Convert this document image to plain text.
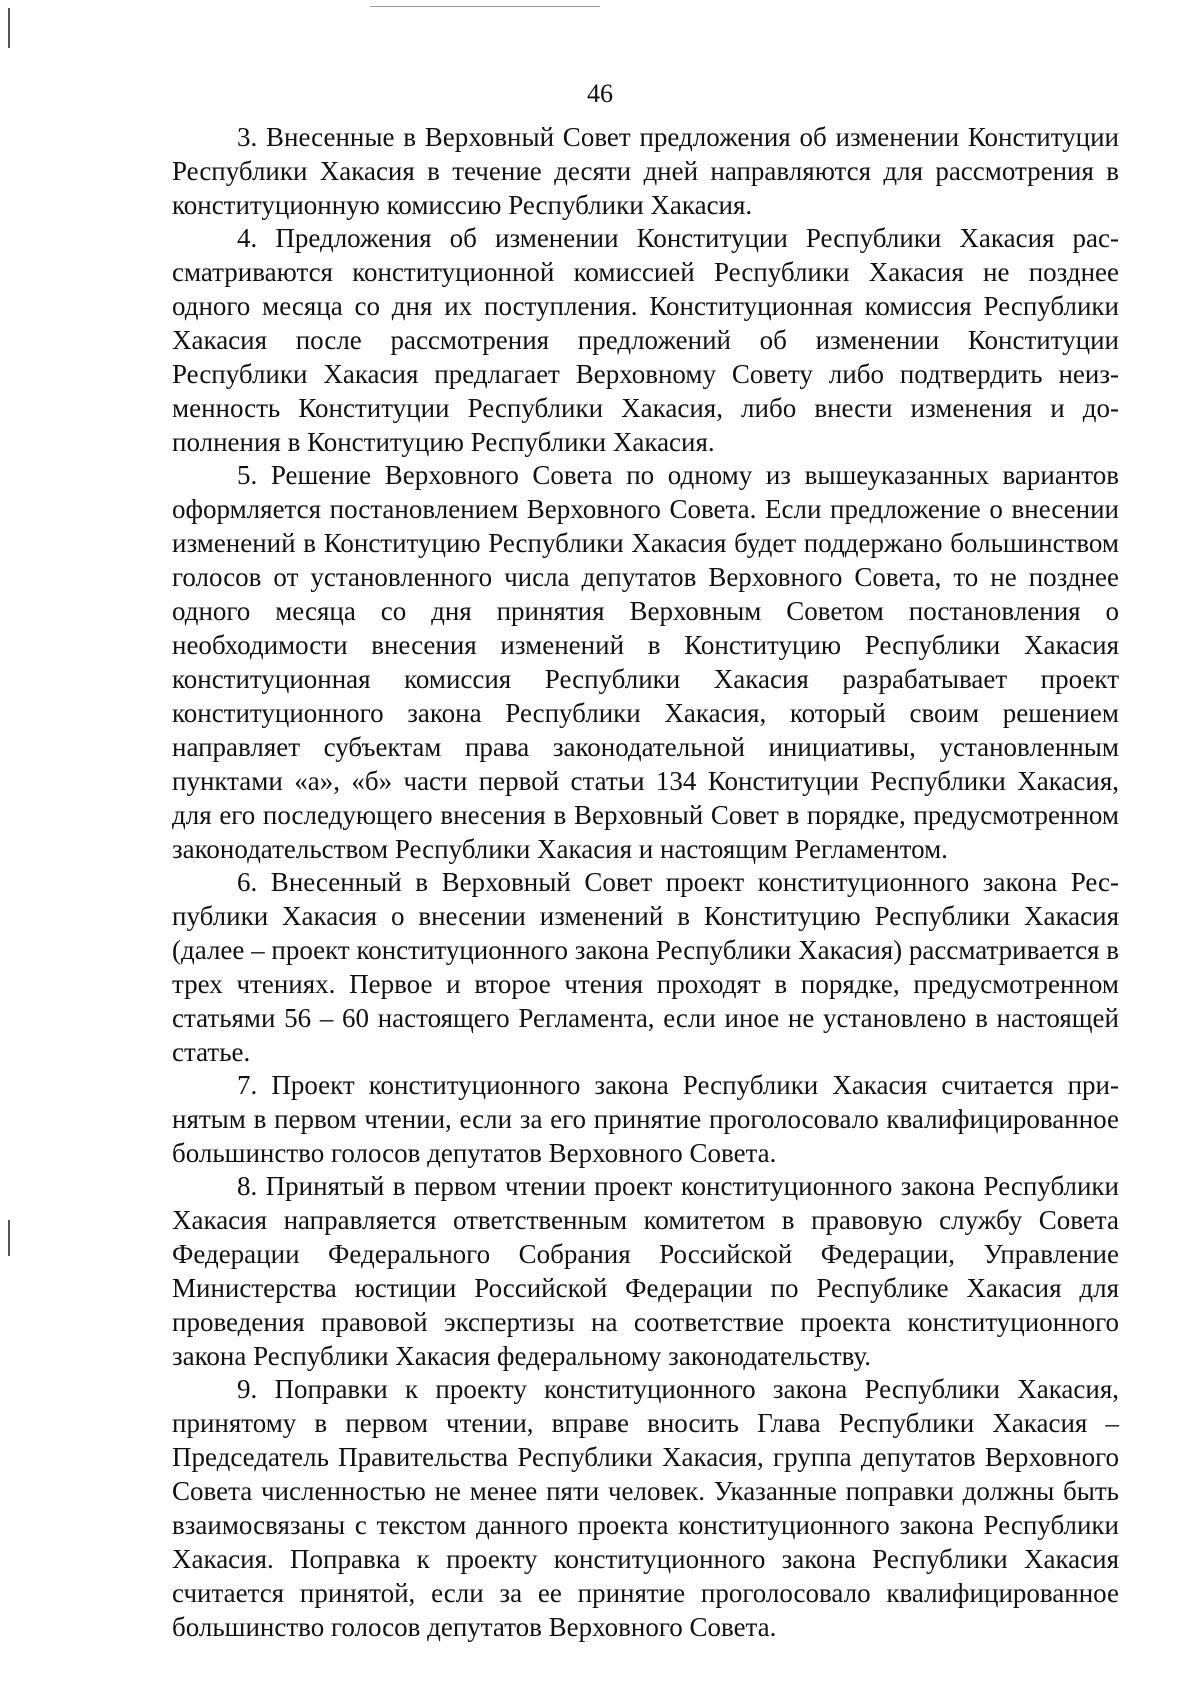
46

3. Внесенные в Верховный Совет предложения об изменении Конституции Республики Хакасия в течение десяти дней направляются для рассмотрения в конституционную комиссию Республики Хакасия.

4. Предложения об изменении Конституции Республики Хакасия рассматриваются конституционной комиссией Республики Хакасия не позднее одного месяца со дня их поступления. Конституционная комиссия Республики Хакасия после рассмотрения предложений об изменении Конституции Республики Хакасия предлагает Верховному Совету либо подтвердить неизменность Конституции Республики Хакасия, либо внести изменения и дополнения в Конституцию Республики Хакасия.

5. Решение Верховного Совета по одному из вышеуказанных вариантов оформляется постановлением Верховного Совета. Если предложение о внесении изменений в Конституцию Республики Хакасия будет поддержано большинством голосов от установленного числа депутатов Верховного Совета, то не позднее одного месяца со дня принятия Верховным Советом постановления о необходимости внесения изменений в Конституцию Республики Хакасия конституционная комиссия Республики Хакасия разрабатывает проект конституционного закона Республики Хакасия, который своим решением направляет субъектам права законодательной инициативы, установленным пунктами «а», «б» части первой статьи 134 Конституции Республики Хакасия, для его последующего внесения в Верховный Совет в порядке, предусмотренном законодательством Республики Хакасия и настоящим Регламентом.

6. Внесенный в Верховный Совет проект конституционного закона Республики Хакасия о внесении изменений в Конституцию Республики Хакасия (далее – проект конституционного закона Республики Хакасия) рассматривается в трех чтениях. Первое и второе чтения проходят в порядке, предусмотренном статьями 56 – 60 настоящего Регламента, если иное не установлено в настоящей статье.

7. Проект конституционного закона Республики Хакасия считается принятым в первом чтении, если за его принятие проголосовало квалифицированное большинство голосов депутатов Верховного Совета.

8. Принятый в первом чтении проект конституционного закона Республики Хакасия направляется ответственным комитетом в правовую службу Совета Федерации Федерального Собрания Российской Федерации, Управление Министерства юстиции Российской Федерации по Республике Хакасия для проведения правовой экспертизы на соответствие проекта конституционного закона Республики Хакасия федеральному законодательству.

9. Поправки к проекту конституционного закона Республики Хакасия, принятому в первом чтении, вправе вносить Глава Республики Хакасия – Председатель Правительства Республики Хакасия, группа депутатов Верховного Совета численностью не менее пяти человек. Указанные поправки должны быть взаимосвязаны с текстом данного проекта конституционного закона Республики Хакасия. Поправка к проекту конституционного закона Республики Хакасия считается принятой, если за ее принятие проголосовало квалифицированное большинство голосов депутатов Верховного Совета.
